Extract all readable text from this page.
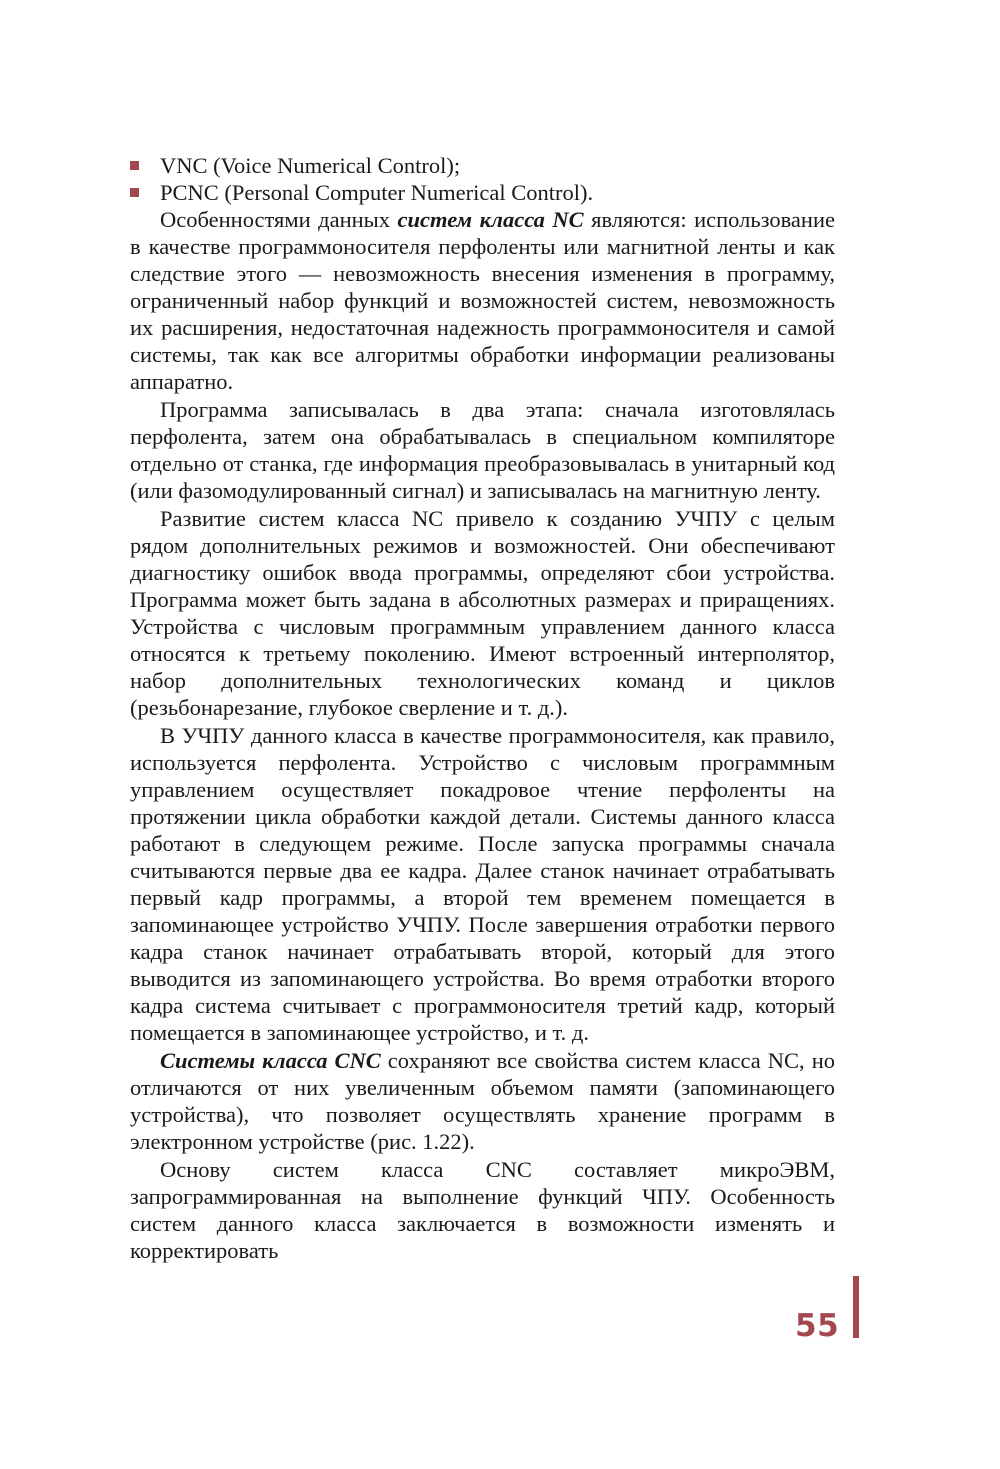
VNC (Voice Numerical Control);
PCNC (Personal Computer Numerical Control).

Особенностями данных систем класса NC являются: использование в качестве программоносителя перфоленты или магнитной ленты и как следствие этого — невозможность внесения изменения в программу, ограниченный набор функций и возможностей систем, невозможность их расширения, недостаточная надежность программоносителя и самой системы, так как все алгоритмы обработки информации реализованы аппаратно.

Программа записывалась в два этапа: сначала изготовлялась перфолента, затем она обрабатывалась в специальном компиляторе отдельно от станка, где информация преобразовывалась в унитарный код (или фазомодулированный сигнал) и записывалась на магнитную ленту.

Развитие систем класса NC привело к созданию УЧПУ с целым рядом дополнительных режимов и возможностей. Они обеспечивают диагностику ошибок ввода программы, определяют сбои устройства. Программа может быть задана в абсолютных размерах и приращениях. Устройства с числовым программным управлением данного класса относятся к третьему поколению. Имеют встроенный интерполятор, набор дополнительных технологических команд и циклов (резьбонарезание, глубокое сверление и т. д.).

В УЧПУ данного класса в качестве программоносителя, как правило, используется перфолента. Устройство с числовым программным управлением осуществляет покадровое чтение перфоленты на протяжении цикла обработки каждой детали. Системы данного класса работают в следующем режиме. После запуска программы сначала считываются первые два ее кадра. Далее станок начинает отрабатывать первый кадр программы, а второй тем временем помещается в запоминающее устройство УЧПУ. После завершения отработки первого кадра станок начинает отрабатывать второй, который для этого выводится из запоминающего устройства. Во время отработки второго кадра система считывает с программоносителя третий кадр, который помещается в запоминающее устройство, и т. д.

Системы класса CNC сохраняют все свойства систем класса NC, но отличаются от них увеличенным объемом памяти (запоминающего устройства), что позволяет осуществлять хранение программ в электронном устройстве (рис. 1.22).

Основу систем класса CNC составляет микроЭВМ, запрограммированная на выполнение функций ЧПУ. Особенность систем данного класса заключается в возможности изменять и корректировать

55
